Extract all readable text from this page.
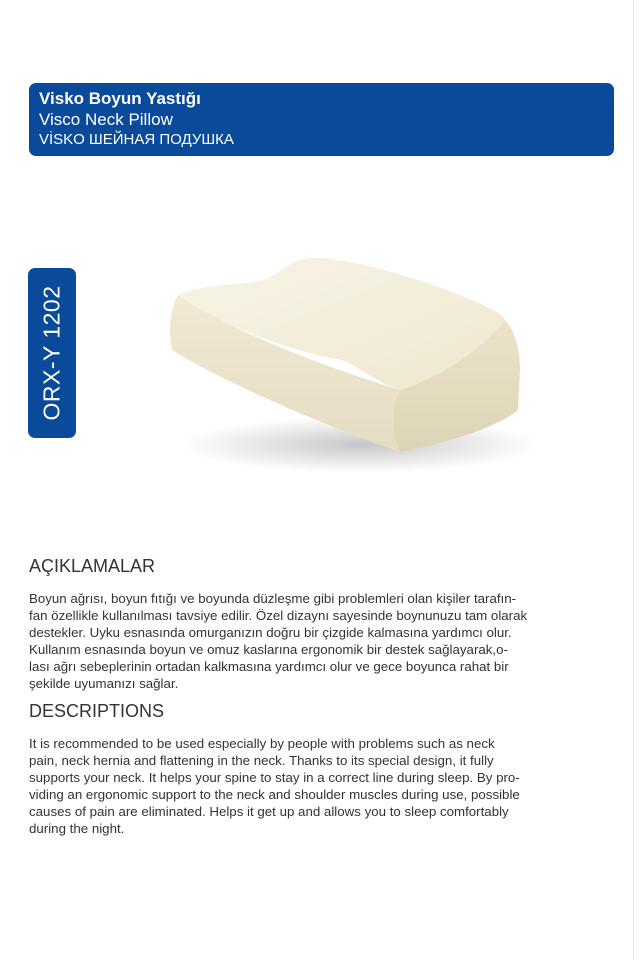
Visko Boyun Yastığı
Visco Neck Pillow
VİSKO ШЕЙНАЯ ПОДУШКА
ORX-Y 1202
AÇIKLAMALAR
Boyun ağrısı, boyun fıtığı ve boyunda düzleşme gibi problemleri olan kişiler tarafın-
fan özellikle kullanılması tavsiye edilir. Özel dizaynı sayesinde boynunuzu tam olarak
destekler. Uyku esnasında omurganızın doğru bir çizgide kalmasına yardımcı olur.
Kullanım esnasında boyun ve omuz kaslarına ergonomik bir destek sağlayarak,o-
lası ağrı sebeplerinin ortadan kalkmasına yardımcı olur ve gece boyunca rahat bir
şekilde uyumanızı sağlar.
DESCRIPTIONS
It is recommended to be used especially by people with problems such as neck
pain, neck hernia and flattening in the neck. Thanks to its special design, it fully
supports your neck. It helps your spine to stay in a correct line during sleep. By pro-
viding an ergonomic support to the neck and shoulder muscles during use, possible
causes of pain are eliminated. Helps it get up and allows you to sleep comfortably
during the night.
